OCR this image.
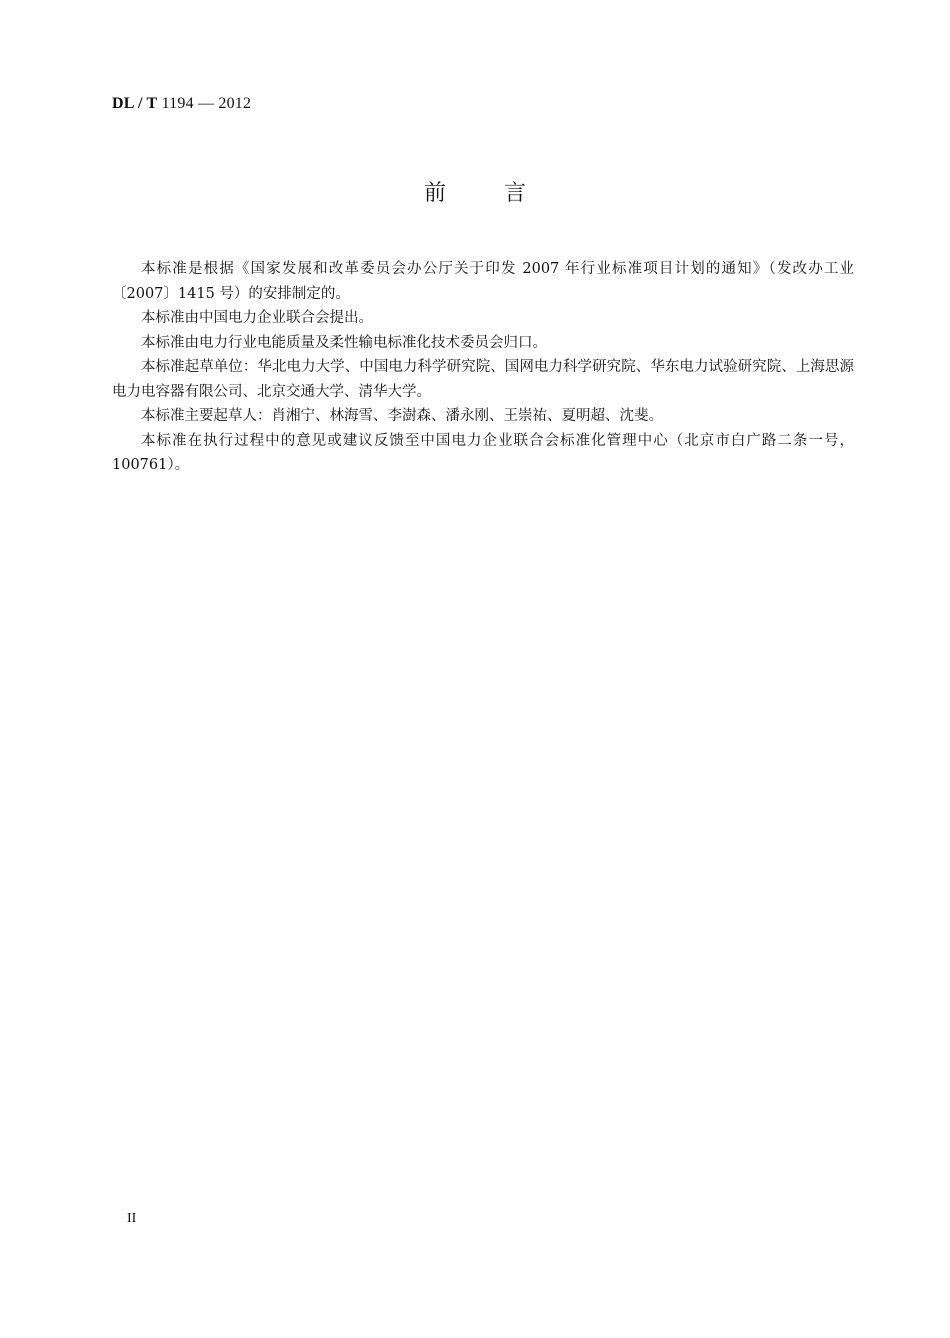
DL / T 1194 — 2012
前言

本标准是根据《国家发展和改革委员会办公厅关于印发 2007 年行业标准项目计划的通知》（发改办工业〔2007〕1415 号）的安排制定的。

本标准由中国电力企业联合会提出。

本标准由电力行业电能质量及柔性输电标准化技术委员会归口。

本标准起草单位：华北电力大学、中国电力科学研究院、国网电力科学研究院、华东电力试验研究院、上海思源电力电容器有限公司、北京交通大学、清华大学。

本标准主要起草人：肖湘宁、林海雪、李澍森、潘永刚、王崇祐、夏明超、沈斐。

本标准在执行过程中的意见或建议反馈至中国电力企业联合会标准化管理中心（北京市白广路二条一号，100761）。

II
